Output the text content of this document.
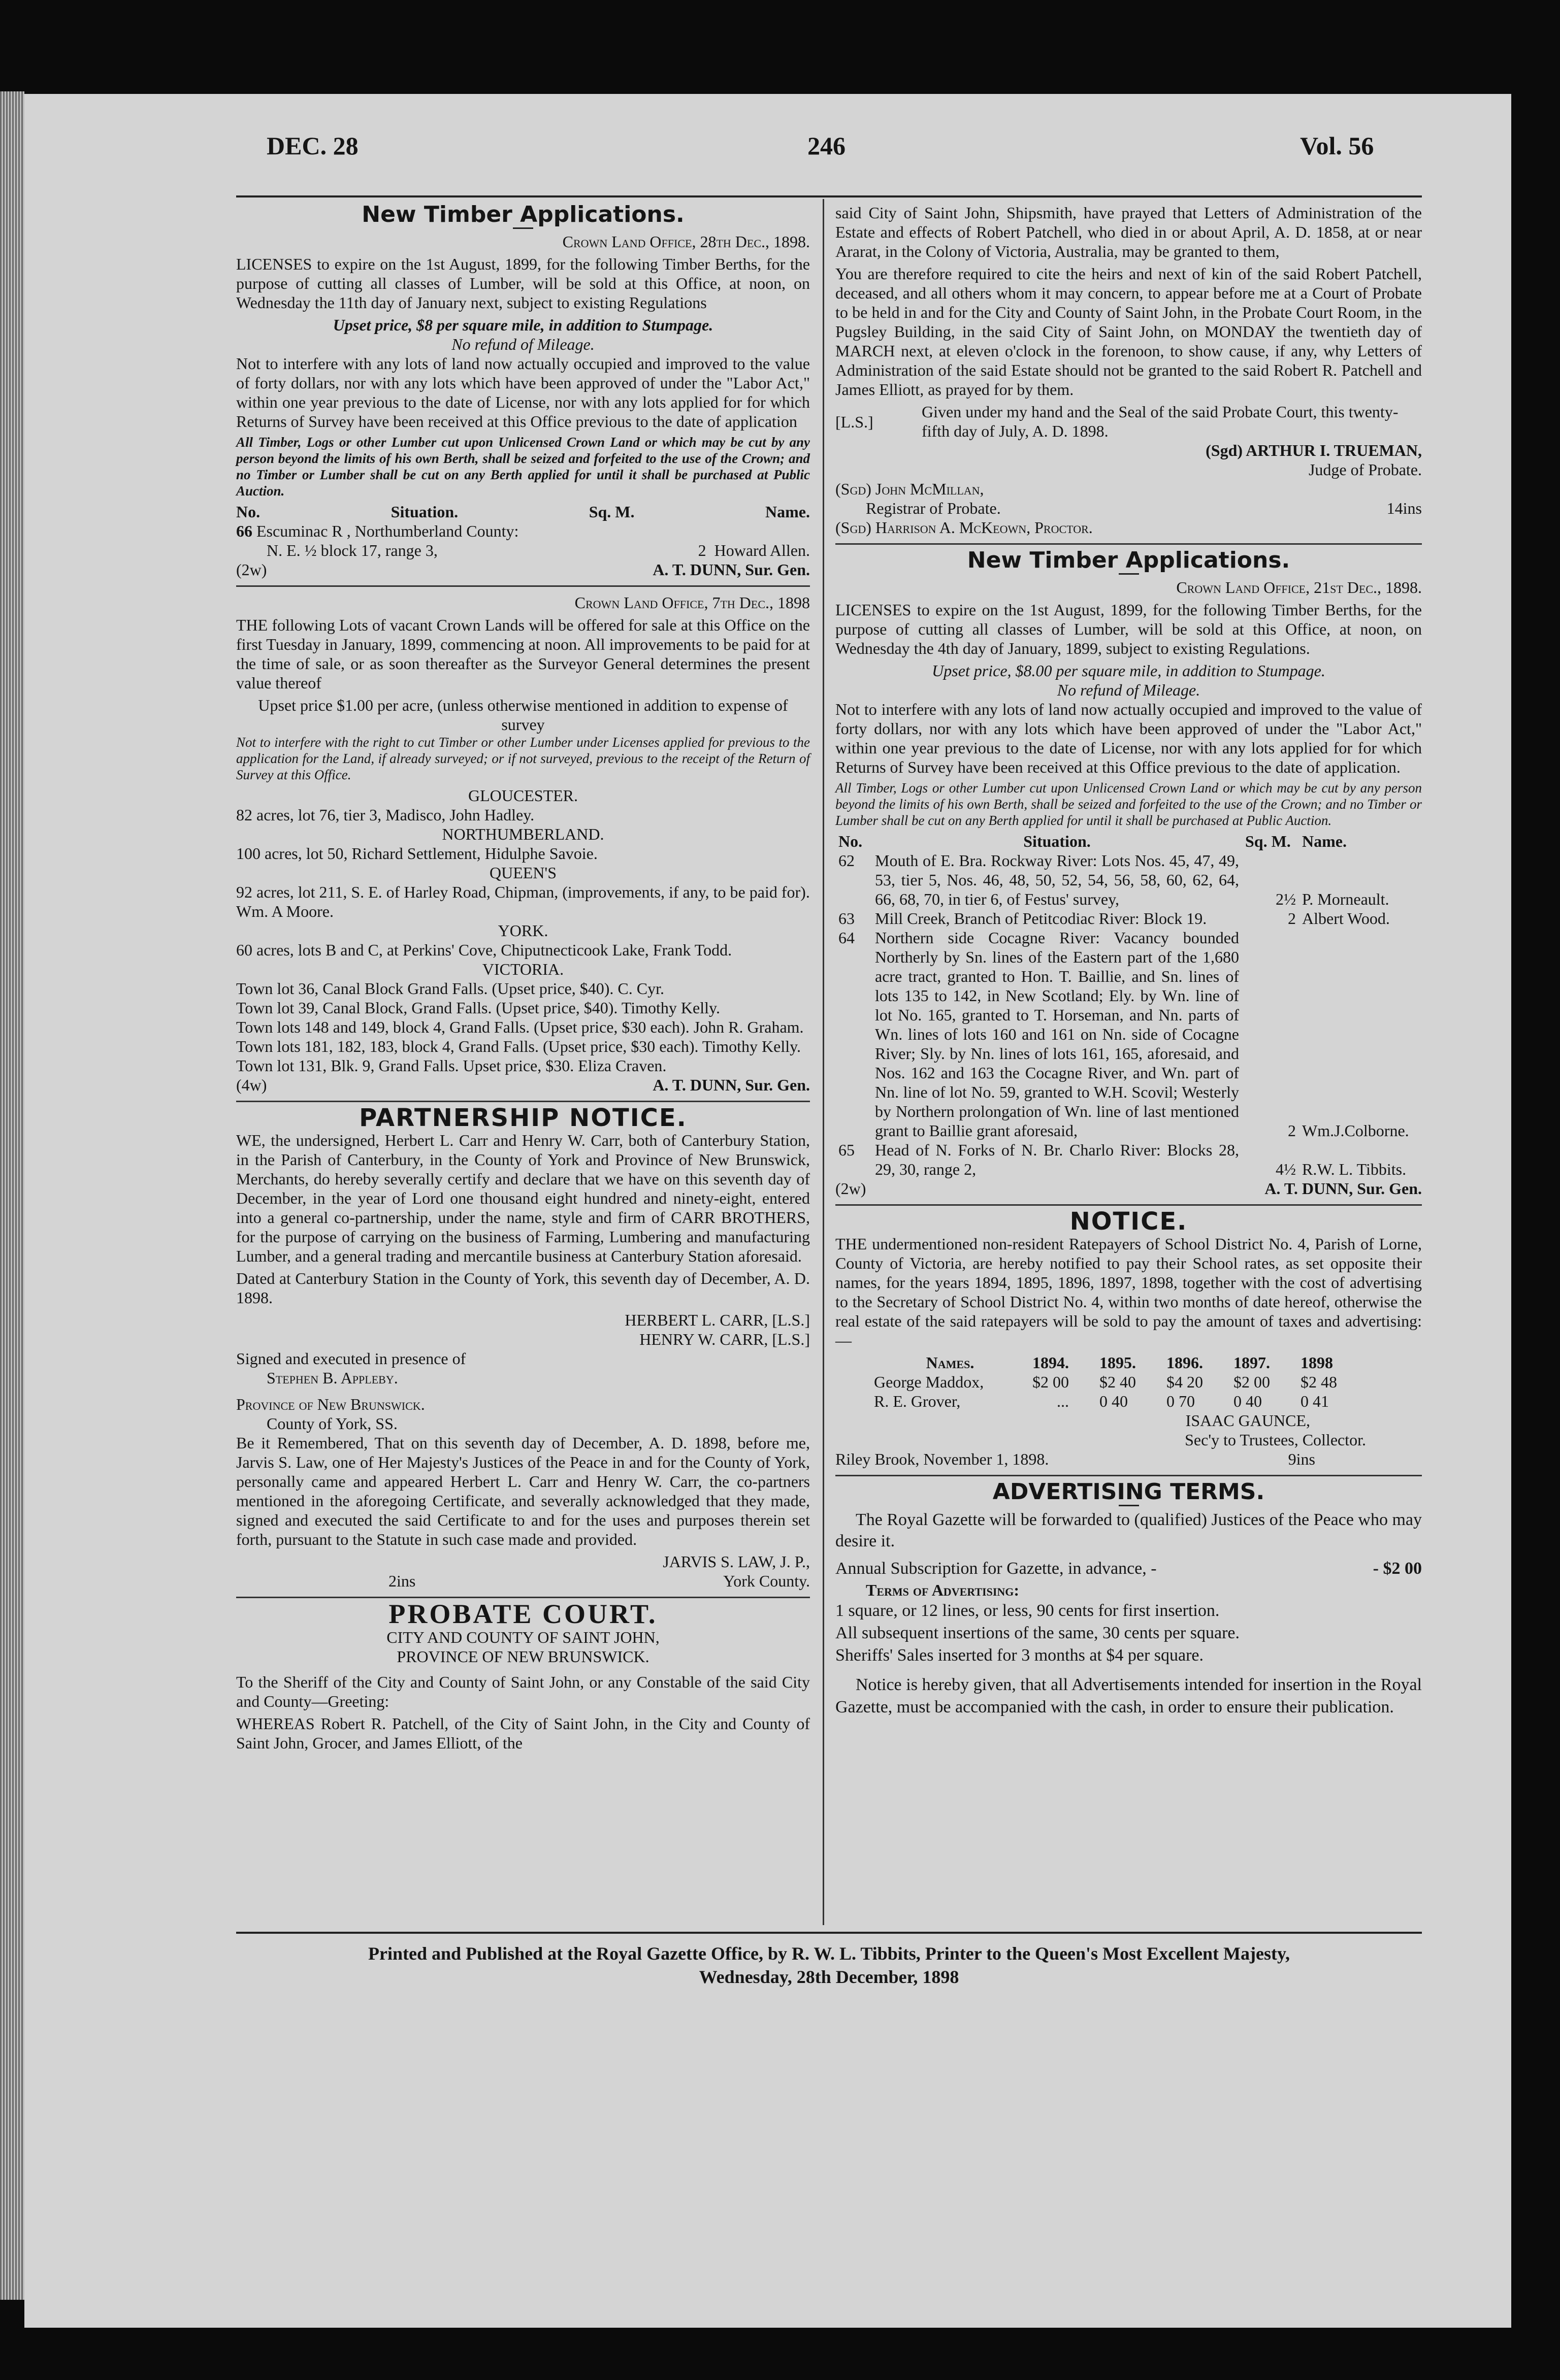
DEC. 28	246	Vol. 56
New Timber Applications.
Crown Land Office, 28th Dec., 1898.

LICENSES to expire on the 1st August, 1899, for the following Timber Berths, for the purpose of cutting all classes of Lumber, will be sold at this Office, at noon, on Wednesday the 11th day of January next, subject to existing Regulations

Upset price, $8 per square mile, in addition to Stumpage.
No refund of Mileage.

Not to interfere with any lots of land now actually occupied and improved to the value of forty dollars, nor with any lots which have been approved of under the "Labor Act," within one year previous to the date of License, nor with any lots applied for for which Returns of Survey have been received at this Office previous to the date of application

All Timber, Logs or other Lumber cut upon Unlicensed Crown Land or which may be cut by any person beyond the limits of his own Berth, shall be seized and forfeited to the use of the Crown; and no Timber or Lumber shall be cut on any Berth applied for until it shall be purchased at Public Auction.

No.	Situation.	Sq. M.	Name.
66 Escuminac R , Northumberland County:
N. E. ½ block 17, range 3,	2 Howard Allen.
(2w)	A. T. DUNN, Sur. Gen.
Crown Land Office, 7th Dec., 1898

THE following Lots of vacant Crown Lands will be offered for sale at this Office on the first Tuesday in January, 1899, commencing at noon. All improvements to be paid for at the time of sale, or as soon thereafter as the Surveyor General determines the present value thereof

Upset price $1.00 per acre, (unless otherwise mentioned in addition to expense of survey

Not to interfere with the right to cut Timber or other Lumber under Licenses applied for previous to the application for the Land, if already surveyed; or if not surveyed, previous to the receipt of the Return of Survey at this Office.

GLOUCESTER.
82 acres, lot 76, tier 3, Madisco, John Hadley.
NORTHUMBERLAND.
100 acres, lot 50, Richard Settlement, Hidulphe Savoie.
QUEEN'S
92 acres, lot 211, S. E. of Harley Road, Chipman, (improvements, if any, to be paid for). Wm. A Moore.
YORK.
60 acres, lots B and C, at Perkins' Cove, Chiputnecticook Lake, Frank Todd.
VICTORIA.
Town lot 36, Canal Block Grand Falls. (Upset price, $40). C. Cyr.
Town lot 39, Canal Block, Grand Falls. (Upset price, $40). Timothy Kelly.
Town lots 148 and 149, block 4, Grand Falls. (Upset price, $30 each). John R. Graham.
Town lots 181, 182, 183, block 4, Grand Falls. (Upset price, $30 each). Timothy Kelly.
Town lot 131, Blk. 9, Grand Falls. Upset price, $30. Eliza Craven.
(4w)	A. T. DUNN, Sur. Gen.
PARTNERSHIP NOTICE.

WE, the undersigned, Herbert L. Carr and Henry W. Carr, both of Canterbury Station, in the Parish of Canterbury, in the County of York and Province of New Brunswick, Merchants, do hereby severally certify and declare that we have on this seventh day of December, in the year of Lord one thousand eight hundred and ninety-eight, entered into a general co-partnership, under the name, style and firm of CARR BROTHERS, for the purpose of carrying on the business of Farming, Lumbering and manufacturing Lumber, and a general trading and mercantile business at Canterbury Station aforesaid.

Dated at Canterbury Station in the County of York, this seventh day of December, A. D. 1898.

HERBERT L. CARR, [L.S.]
HENRY W. CARR, [L.S.]
Signed and executed in presence of
Stephen B. Appleby.
Province of New Brunswick.
County of York, SS.

Be it Remembered, That on this seventh day of December, A. D. 1898, before me, Jarvis S. Law, one of Her Majesty's Justices of the Peace in and for the County of York, personally came and appeared Herbert L. Carr and Henry W. Carr, the co-partners mentioned in the aforegoing Certificate, and severally acknowledged that they made, signed and executed the said Certificate to and for the uses and purposes therein set forth, pursuant to the Statute in such case made and provided.

JARVIS S. LAW, J. P.,
2ins	York County.
PROBATE COURT.
CITY AND COUNTY OF SAINT JOHN,
PROVINCE OF NEW BRUNSWICK.

To the Sheriff of the City and County of Saint John, or any Constable of the said City and County—Greeting:

WHEREAS Robert R. Patchell, of the City of Saint John, in the City and County of Saint John, Grocer, and James Elliott, of the

said City of Saint John, Shipsmith, have prayed that Letters of Administration of the Estate and effects of Robert Patchell, who died in or about April, A. D. 1858, at or near Ararat, in the Colony of Victoria, Australia, may be granted to them,

You are therefore required to cite the heirs and next of kin of the said Robert Patchell, deceased, and all others whom it may concern, to appear before me at a Court of Probate to be held in and for the City and County of Saint John, in the Probate Court Room, in the Pugsley Building, in the said City of Saint John, on MONDAY the twentieth day of MARCH next, at eleven o'clock in the forenoon, to show cause, if any, why Letters of Administration of the said Estate should not be granted to the said Robert R. Patchell and James Elliott, as prayed for by them.

[L.S.]
Given under my hand and the Seal of the said Probate Court, this twenty-fifth day of July, A. D. 1898.
(Sgd) ARTHUR I. TRUEMAN,
Judge of Probate.
(Sgd) John McMillan,
Registrar of Probate.	14ins
(Sgd) Harrison A. McKeown, Proctor.
New Timber Applications.
Crown Land Office, 21st Dec., 1898.

LICENSES to expire on the 1st August, 1899, for the following Timber Berths, for the purpose of cutting all classes of Lumber, will be sold at this Office, at noon, on Wednesday the 4th day of January, 1899, subject to existing Regulations.

Upset price, $8.00 per square mile, in addition to Stumpage.
No refund of Mileage.

Not to interfere with any lots of land now actually occupied and improved to the value of forty dollars, nor with any lots which have been approved of under the "Labor Act," within one year previous to the date of License, nor with any lots applied for for which Returns of Survey have been received at this Office previous to the date of application.

All Timber, Logs or other Lumber cut upon Unlicensed Crown Land or which may be cut by any person beyond the limits of his own Berth, shall be seized and forfeited to the use of the Crown; and no Timber or Lumber shall be cut on any Berth applied for until it shall be purchased at Public Auction.

No.	Situation.	Sq. M.	Name.
62	Mouth of E. Bra. Rockway River: Lots Nos. 45, 47, 49, 53, tier 5, Nos. 46, 48, 50, 52, 54, 56, 58, 60, 62, 64, 66, 68, 70, in tier 6, of Festus' survey,	2½	P. Morneault.
63	Mill Creek, Branch of Petitcodiac River: Block 19.	2	Albert Wood.
64	Northern side Cocagne River: Vacancy bounded Northerly by Sn. lines of the Eastern part of the 1,680 acre tract, granted to Hon. T. Baillie, and Sn. lines of lots 135 to 142, in New Scotland; Ely. by Wn. line of lot No. 165, granted to T. Horseman, and Nn. parts of Wn. lines of lots 160 and 161 on Nn. side of Cocagne River; Sly. by Nn. lines of lots 161, 165, aforesaid, and Nos. 162 and 163 the Cocagne River, and Wn. part of Nn. line of lot No. 59, granted to W.H. Scovil; Westerly by Northern prolongation of Wn. line of last mentioned grant to Baillie grant aforesaid,	2	Wm.J.Colborne.
65	Head of N. Forks of N. Br. Charlo River: Blocks 28, 29, 30, range 2,	4½	R.W. L. Tibbits.
(2w)	A. T. DUNN, Sur. Gen.
NOTICE.

THE undermentioned non-resident Ratepayers of School District No. 4, Parish of Lorne, County of Victoria, are hereby notified to pay their School rates, as set opposite their names, for the years 1894, 1895, 1896, 1897, 1898, together with the cost of advertising to the Secretary of School District No. 4, within two months of date hereof, otherwise the real estate of the said ratepayers will be sold to pay the amount of taxes and advertising:—

Names.	1894.	1895.	1896.	1897.	1898
George Maddox,	$2 00	$2 40	$4 20	$2 00	$2 48
R. E. Grover,	...	0 40	0 70	0 40	0 41
ISAAC GAUNCE,
Sec'y to Trustees, Collector.
Riley Brook, November 1, 1898.	9ins
ADVERTISING TERMS.

The Royal Gazette will be forwarded to (qualified) Justices of the Peace who may desire it.

Annual Subscription for Gazette, in advance, -	- $2 00
Terms of Advertising:
1 square, or 12 lines, or less, 90 cents for first insertion.
All subsequent insertions of the same, 30 cents per square.
Sheriffs' Sales inserted for 3 months at $4 per square.

Notice is hereby given, that all Advertisements intended for insertion in the Royal Gazette, must be accompanied with the cash, in order to ensure their publication.

Printed and Published at the Royal Gazette Office, by R. W. L. Tibbits, Printer to the Queen's Most Excellent Majesty,
Wednesday, 28th December, 1898
